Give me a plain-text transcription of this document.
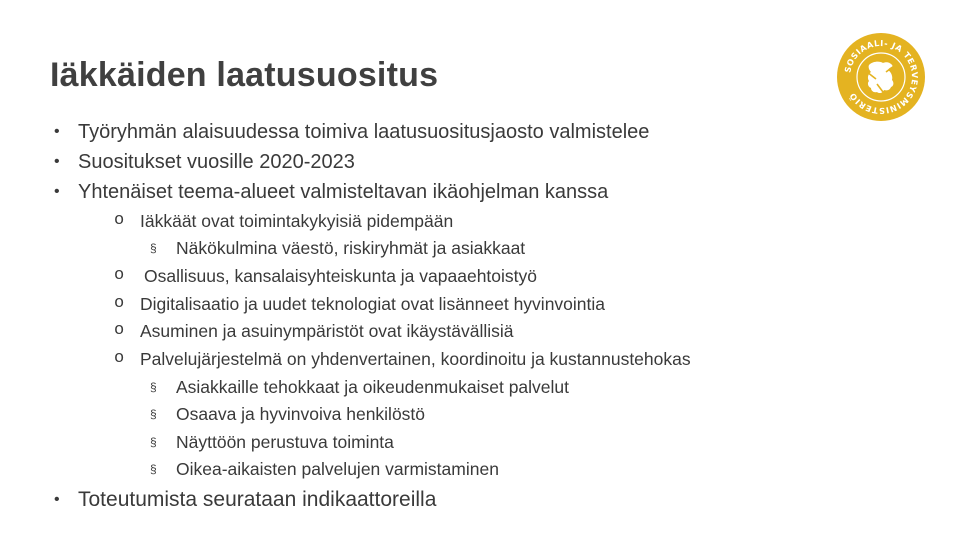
Iäkkäiden laatusuositus	SOSIAALI- JA TERVEYSMINISTERIÖ
• Työryhmän alaisuudessa toimiva laatusuositusjaosto valmistelee
• Suositukset vuosille 2020-2023
• Yhtenäiset teema-alueet valmisteltavan ikäohjelman kanssa
o Iäkkäät ovat toimintakykyisiä pidempään
§ Näkökulmina väestö, riskiryhmät ja asiakkaat
o Osallisuus, kansalaisyhteiskunta ja vapaaehtoistyö
o Digitalisaatio ja uudet teknologiat ovat lisänneet hyvinvointia
o Asuminen ja asuinympäristöt ovat ikäystävällisiä
o Palvelujärjestelmä on yhdenvertainen, koordinoitu ja kustannustehokas
§ Asiakkaille tehokkaat ja oikeudenmukaiset palvelut
§ Osaava ja hyvinvoiva henkilöstö
§ Näyttöön perustuva toiminta
§ Oikea-aikaisten palvelujen varmistaminen
• Toteutumista seurataan indikaattoreilla
